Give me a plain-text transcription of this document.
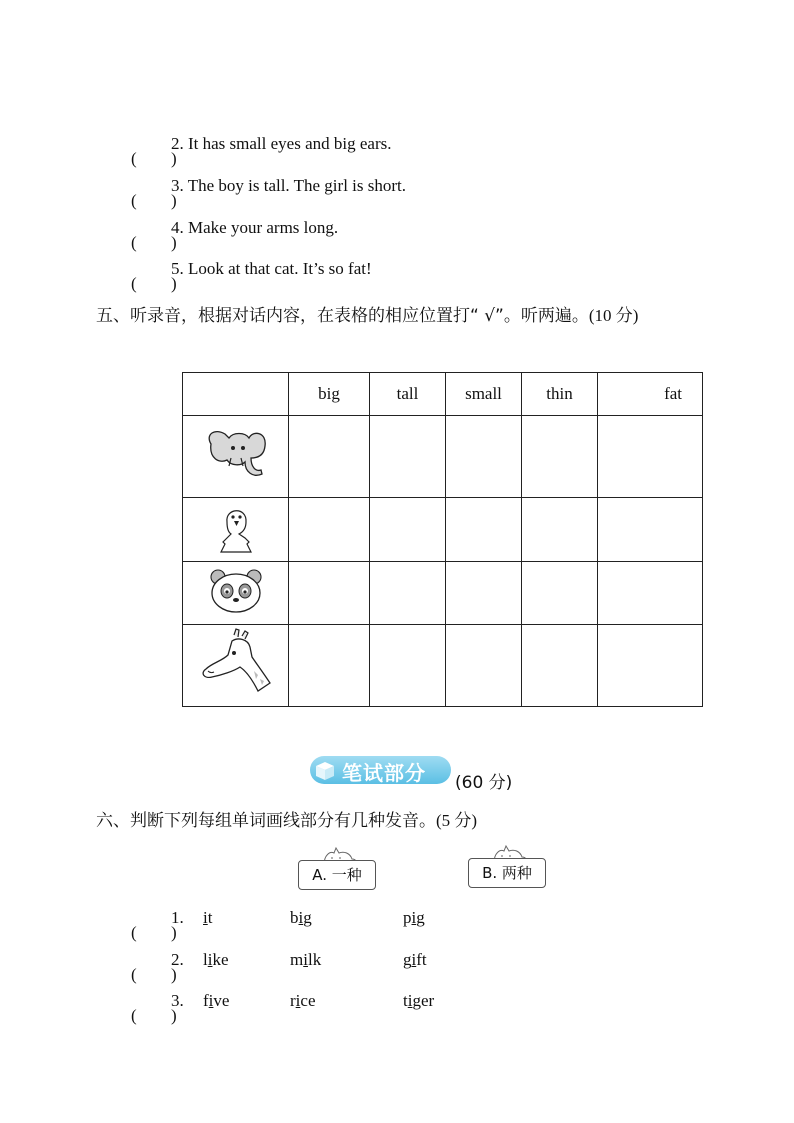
( )
2. It has small eyes and big ears.
( )
3. The boy is tall. The girl is short.
( )
4. Make your arms long.
( )
5. Look at that cat. It’s so fat!
五、听录音，根据对话内容，在表格的相应位置打“ √”。听两遍。(10 分)
	big	tall	small	thin	fat

笔试部分 (60 分)
六、判断下列每组单词画线部分有几种发音。(5 分)
A. 一种	B. 两种
( )
1. it	big	pig
( )
2. like	milk	gift
( )
3. five	rice	tiger
